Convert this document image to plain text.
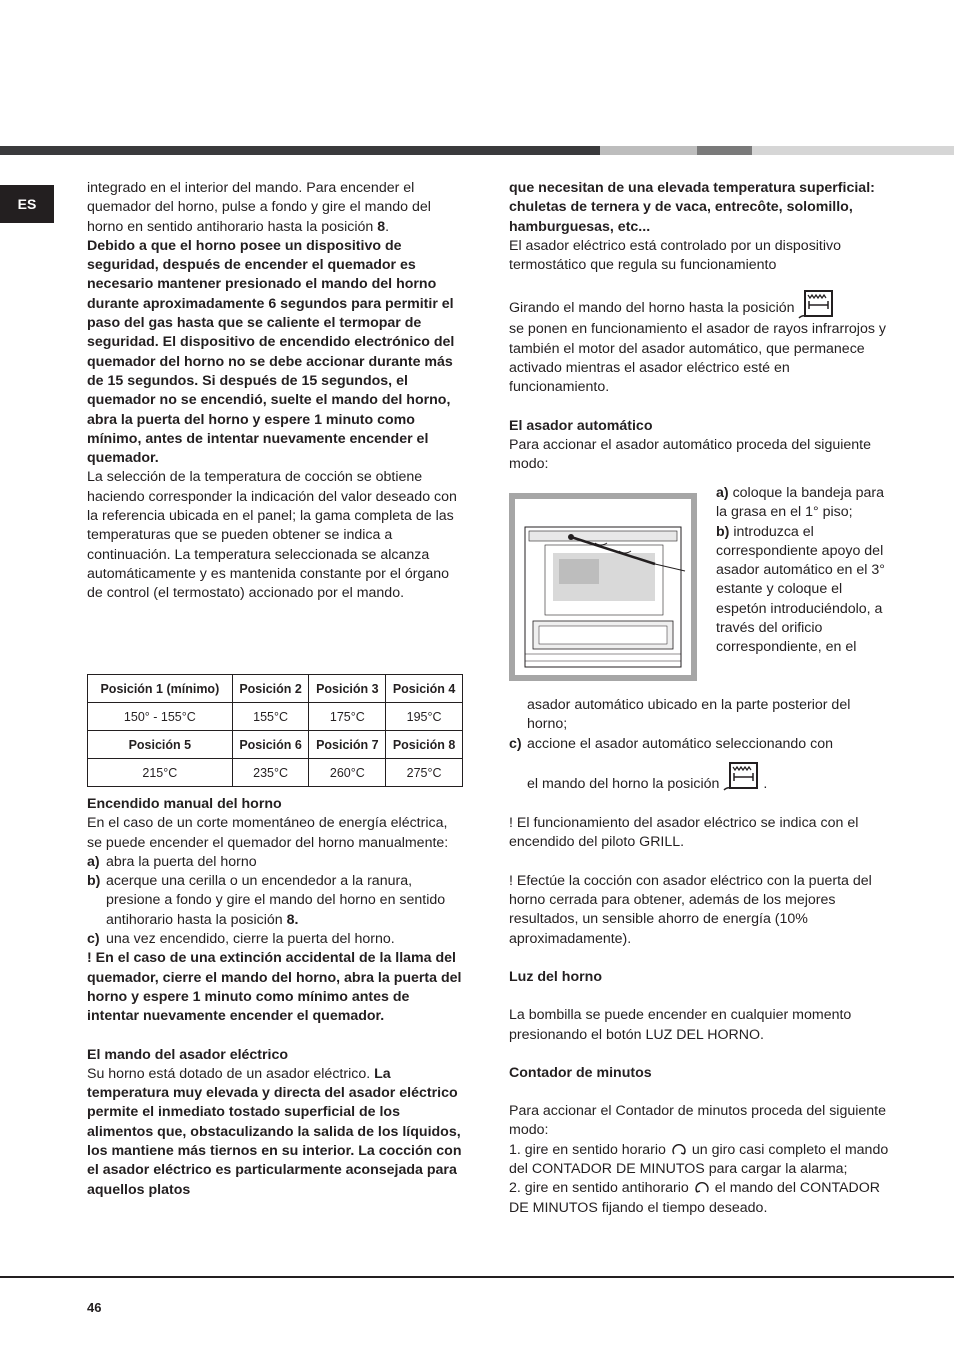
ES

integrado en el interior del mando. Para encender el quemador del horno, pulse a fondo y gire el mando del horno en sentido antihorario hasta la posición 8.

Debido a que el horno posee un dispositivo de seguridad, después de encender el quemador es necesario mantener presionado el mando del horno durante aproximadamente 6 segundos para permitir el paso del gas hasta que se caliente el termopar de seguridad. El dispositivo de encendido electrónico del quemador del horno no se debe accionar durante más de 15 segundos. Si después de 15 segundos, el quemador no se encendió, suelte el mando del horno, abra la puerta del horno y espere 1 minuto como mínimo, antes de intentar nuevamente encender el quemador.

La selección de la temperatura de cocción se obtiene haciendo corresponder la indicación del valor deseado con la referencia ubicada en el panel; la gama completa de las temperaturas que se pueden obtener se indica a continuación. La temperatura seleccionada se alcanza automáticamente y es mantenida constante por el órgano de control (el termostato) accionado por el mando.

Posición 1 (mínimo)	Posición 2	Posición 3	Posición 4
150° - 155°C	155°C	175°C	195°C
Posición 5	Posición 6	Posición 7	Posición 8
215°C	235°C	260°C	275°C

Encendido manual del horno

En el caso de un corte momentáneo de energía eléctrica, se puede encender el quemador del horno manualmente:

a) abra la puerta del horno
b) acerque una cerilla o un encendedor a la ranura, presione a fondo y gire el mando del horno en sentido antihorario hasta la posición 8.
c) una vez encendido, cierre la puerta del horno.

! En el caso de una extinción accidental de la llama del quemador, cierre el mando del horno, abra la puerta del horno y espere 1 minuto como mínimo antes de intentar nuevamente encender el quemador.

El mando del asador eléctrico

Su horno está dotado de un asador eléctrico. La temperatura muy elevada y directa del asador eléctrico permite el inmediato tostado superficial de los alimentos que, obstaculizando la salida de los líquidos, los mantiene más tiernos en su interior. La cocción con el asador eléctrico es particularmente aconsejada para aquellos platos

que necesitan de una elevada temperatura superficial: chuletas de ternera y de vaca, entrecôte, solomillo, hamburguesas, etc...

El asador eléctrico está controlado por un dispositivo termostático que regula su funcionamiento

Girando el mando del horno hasta la posición
se ponen en funcionamiento el asador de rayos infrarrojos y también el motor del asador automático, que permanece activado mientras el asador eléctrico esté en funcionamiento.

El asador automático

Para accionar el asador automático proceda del siguiente modo:

a) coloque la bandeja para la grasa en el 1° piso;

b) introduzca el correspondiente apoyo del asador automático en el 3° estante y coloque el espetón introduciéndolo, a través del orificio correspondiente, en el

asador automático ubicado en la parte posterior del horno;

c) accione el asador automático seleccionando con

el mando del horno la posición	.

! El funcionamiento del asador eléctrico se indica con el encendido del piloto GRILL.

! Efectúe la cocción con asador eléctrico con la puerta del horno cerrada para obtener, además de los mejores resultados, un sensible ahorro de energía (10% aproximadamente).

Luz del horno

La bombilla se puede encender en cualquier momento presionando el botón LUZ DEL HORNO.

Contador de minutos

Para accionar el Contador de minutos proceda del siguiente modo:

1. gire en sentido horario un giro casi completo el mando del CONTADOR DE MINUTOS para cargar la alarma;

2. gire en sentido antihorario el mando del CONTADOR DE MINUTOS fijando el tiempo deseado.

46
